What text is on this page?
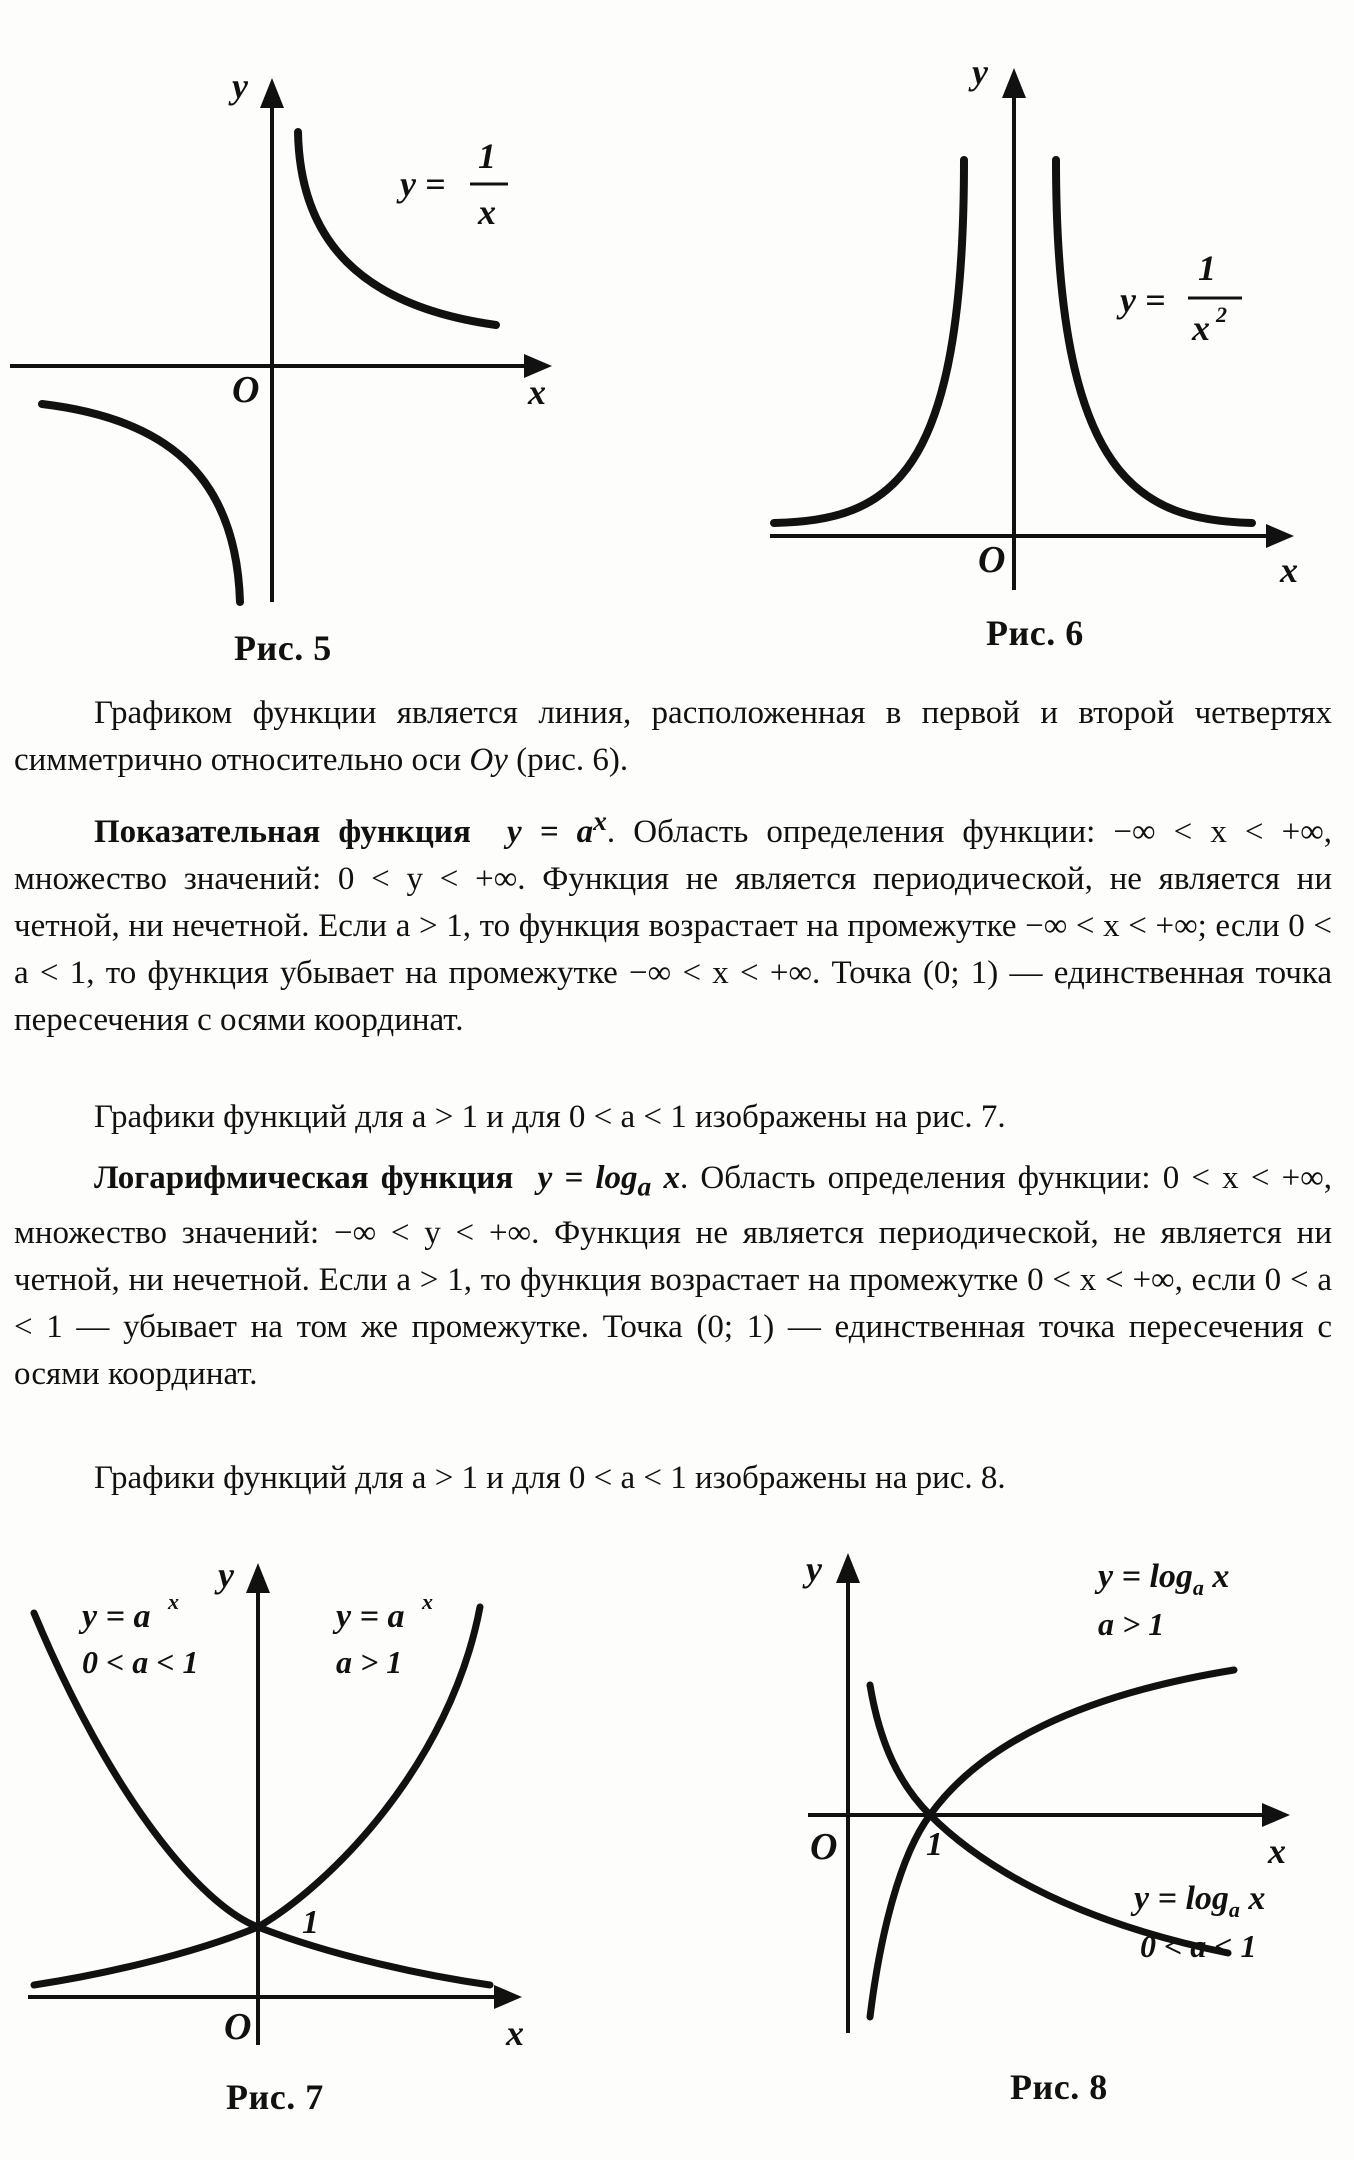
y
x
O
y =
1
x
Рис. 5
y
x
O
y =
1
x 2
Рис. 6

Графиком функции является линия, расположенная в первой и второй четвертях симметрично относительно оси Oy (рис. 6).

Показательная функция $y = a^x$. Область определения функции: −∞ < x < +∞, множество значений: 0 < y < +∞. Функция не является периодической, не является ни четной, ни нечетной. Если a > 1, то функция возрастает на промежутке −∞ < x < +∞; если 0 < a < 1, то функция убывает на промежутке −∞ < x < +∞. Точка (0; 1) — единственная точка пересечения с осями координат.

Графики функций для a > 1 и для 0 < a < 1 изображены на рис. 7.

Логарифмическая функция $y = \log_a x$. Область определения функции: 0 < x < +∞, множество значений: −∞ < y < +∞. Функция не является периодической, не является ни четной, ни нечетной. Если a > 1, то функция возрастает на промежутке 0 < x < +∞, если 0 < a < 1 — убывает на том же промежутке. Точка (0; 1) — единственная точка пересечения с осями координат.

Графики функций для a > 1 и для 0 < a < 1 изображены на рис. 8.

y
x
O
1
y = a x
0 < a < 1
y = a x
a > 1
Рис. 7
y
x
O	1
$y = \log_a x$
a > 1
$y = \log_a x$
0 < a < 1
Рис. 8
